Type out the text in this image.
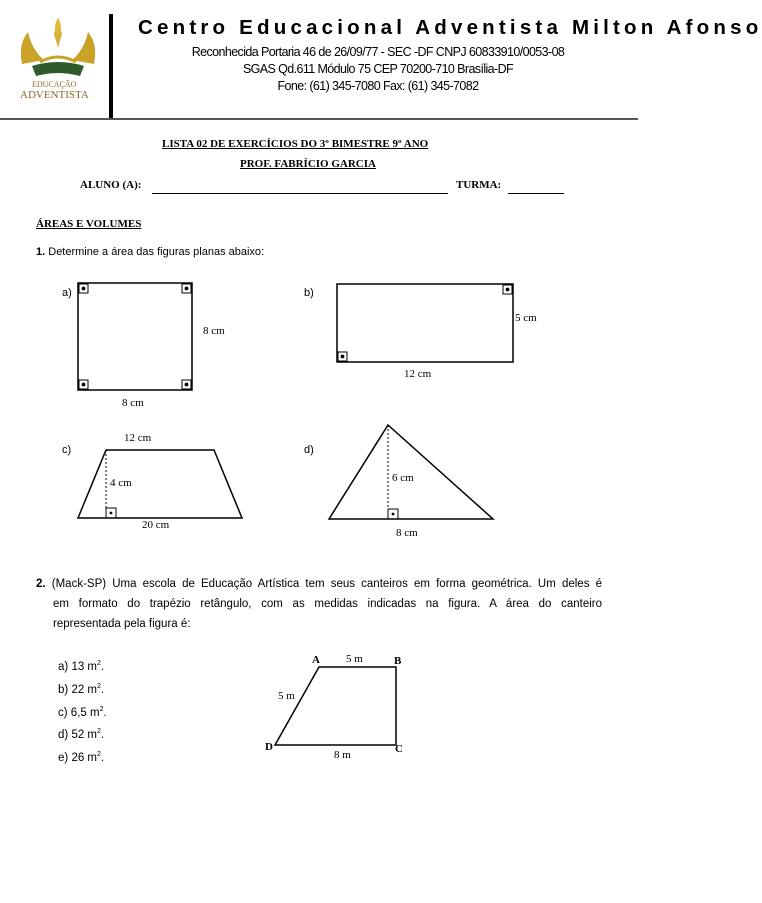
EDUCAÇÃO
ADVENTISTA
Centro Educacional Adventista Milton Afonso
Reconhecida Portaria 46 de 26/09/77 - SEC -DF CNPJ 60833910/0053-08
SGAS Qd.611 Módulo 75 CEP 70200-710 Brasília-DF
Fone: (61) 345-7080 Fax: (61) 345-7082
LISTA 02 DE EXERCÍCIOS DO 3º BIMESTRE 9º ANO
PROF. FABRÍCIO GARCIA
ALUNO (A):	TURMA:
ÁREAS E VOLUMES
1. Determine a área das figuras planas abaixo:
a)
8 cm
8 cm
b)
5 cm
12 cm
c)
12 cm
4 cm
20 cm
d)
6 cm
8 cm
2. (Mack-SP) Uma escola de Educação Artística tem seus canteiros em forma geométrica. Um deles é
em formato do trapézio retângulo, com as medidas indicadas na figura. A área do canteiro
representada pela figura é:
a) 13 $m^2$.
b) 22 $m^2$.
c) 6,5 $m^2$.
d) 52 $m^2$.
e) 26 $m^2$.
A 5 m	B
5 m
D
8 m	C
